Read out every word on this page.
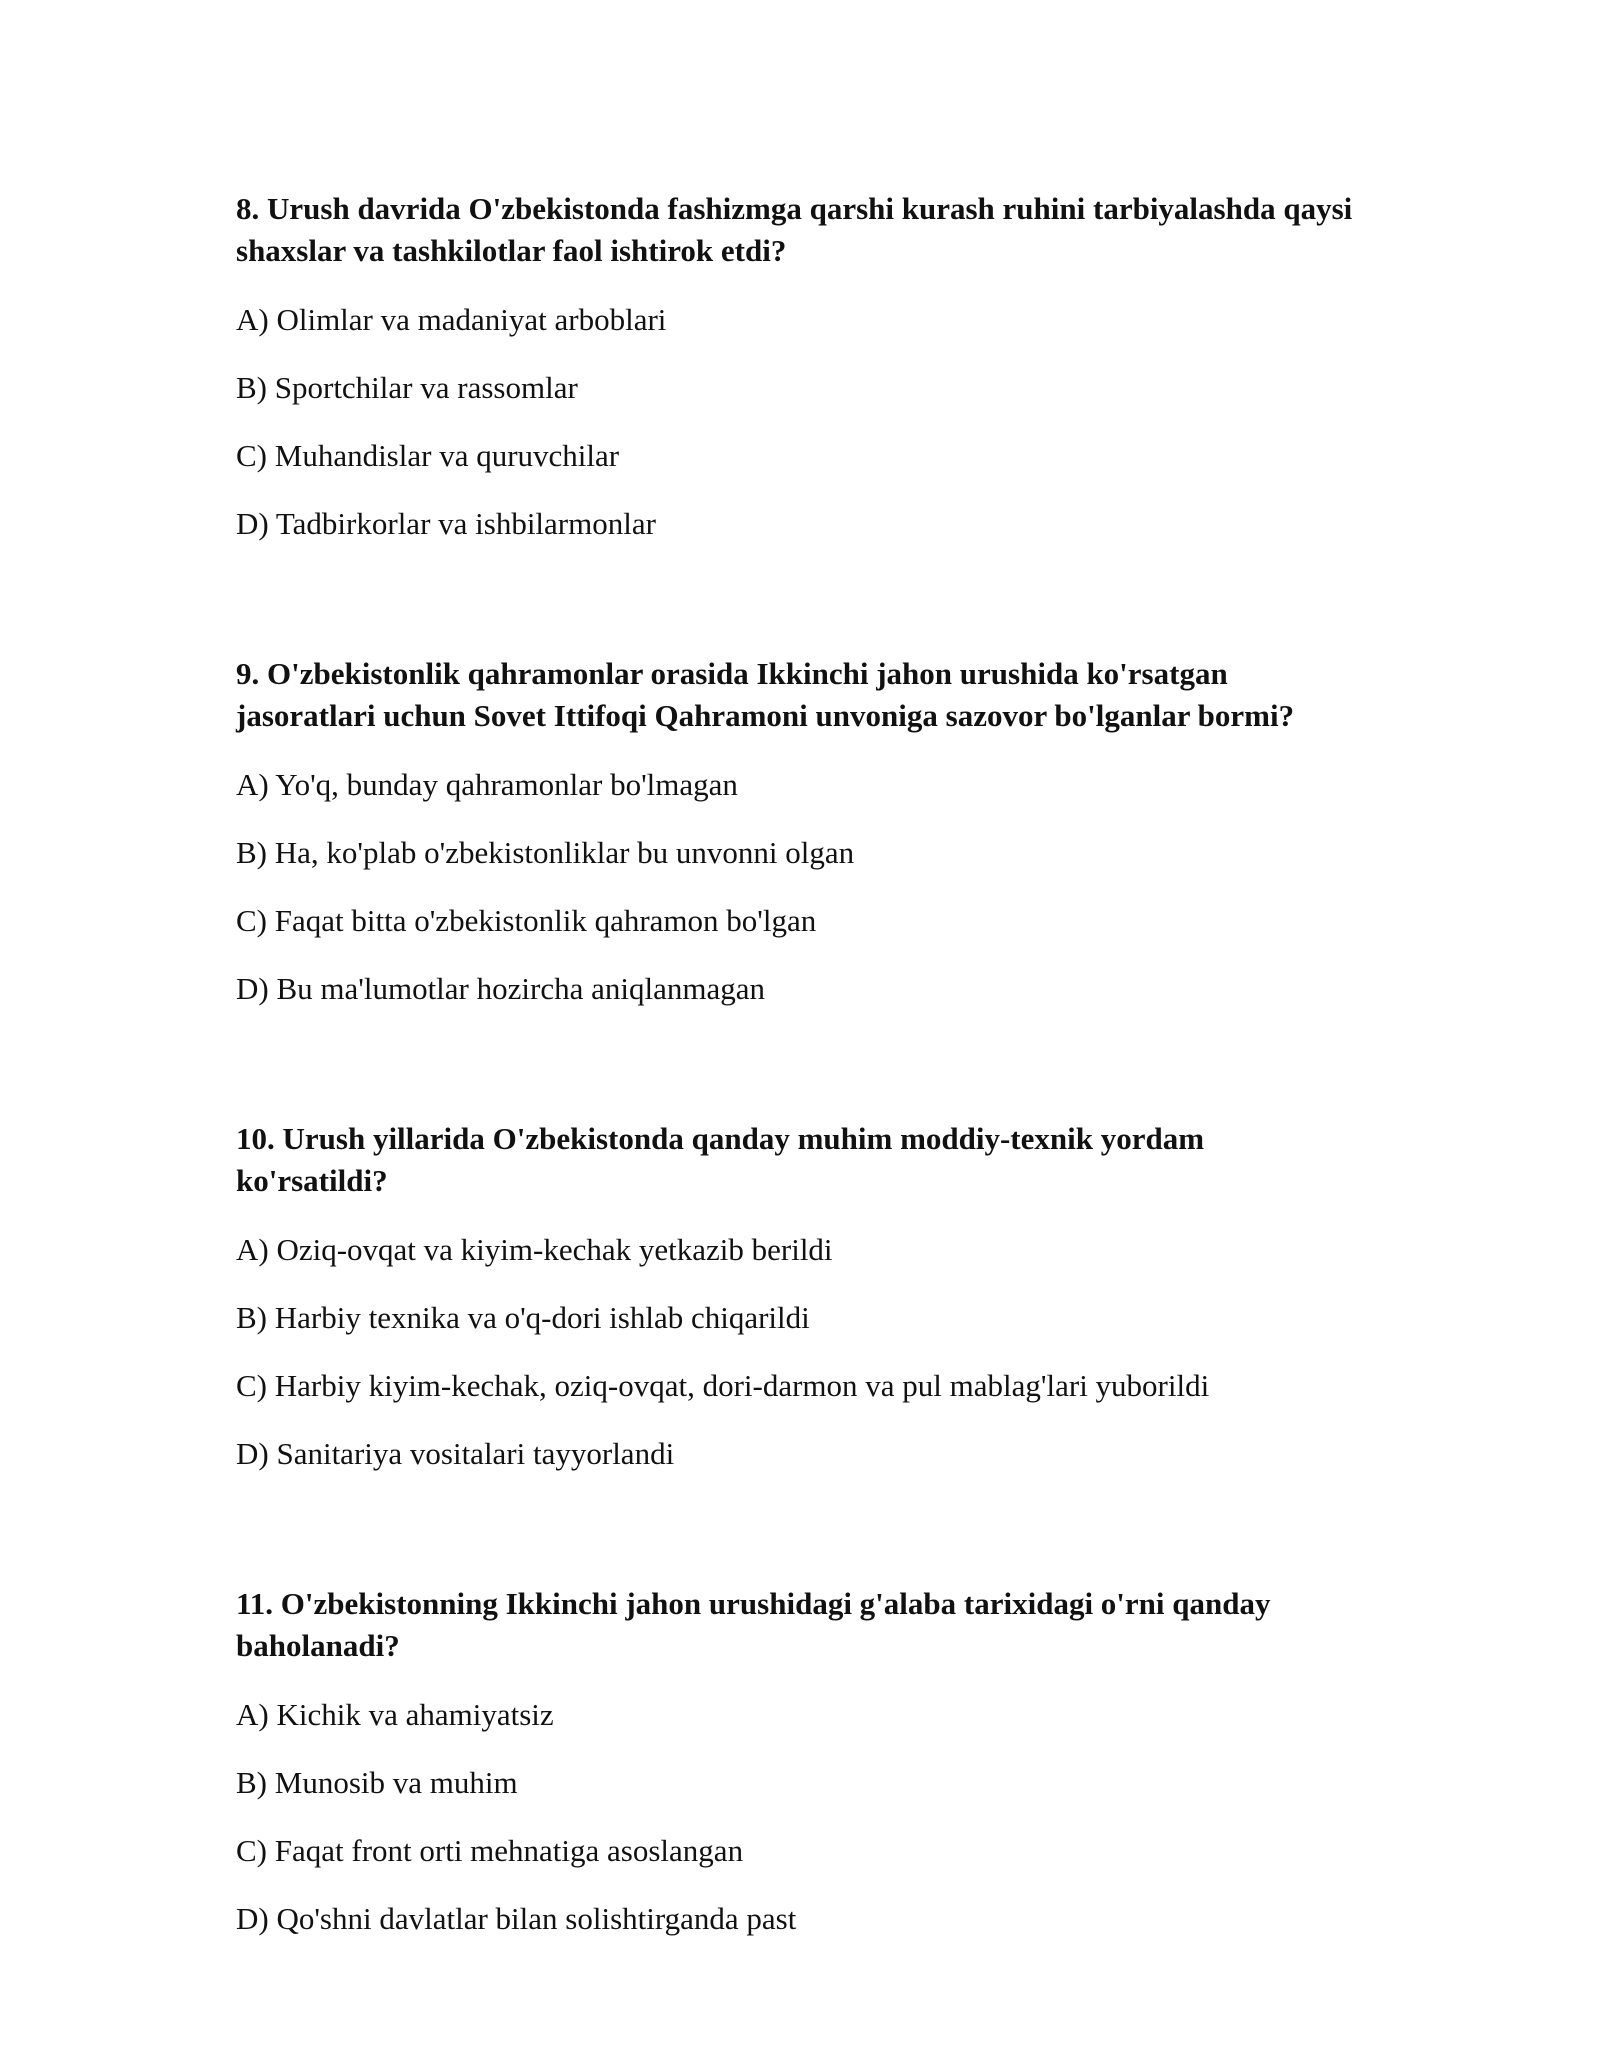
8. Urush davrida O'zbekistonda fashizmga qarshi kurash ruhini tarbiyalashda qaysi shaxslar va tashkilotlar faol ishtirok etdi?

A) Olimlar va madaniyat arboblari
B) Sportchilar va rassomlar
C) Muhandislar va quruvchilar
D) Tadbirkorlar va ishbilarmonlar

9. O'zbekistonlik qahramonlar orasida Ikkinchi jahon urushida ko'rsatgan jasoratlari uchun Sovet Ittifoqi Qahramoni unvoniga sazovor bo'lganlar bormi?

A) Yo'q, bunday qahramonlar bo'lmagan
B) Ha, ko'plab o'zbekistonliklar bu unvonni olgan
C) Faqat bitta o'zbekistonlik qahramon bo'lgan
D) Bu ma'lumotlar hozircha aniqlanmagan

10. Urush yillarida O'zbekistonda qanday muhim moddiy-texnik yordam ko'rsatildi?

A) Oziq-ovqat va kiyim-kechak yetkazib berildi
B) Harbiy texnika va o'q-dori ishlab chiqarildi
C) Harbiy kiyim-kechak, oziq-ovqat, dori-darmon va pul mablag'lari yuborildi
D) Sanitariya vositalari tayyorlandi

11. O'zbekistonning Ikkinchi jahon urushidagi g'alaba tarixidagi o'rni qanday baholanadi?

A) Kichik va ahamiyatsiz
B) Munosib va muhim
C) Faqat front orti mehnatiga asoslangan
D) Qo'shni davlatlar bilan solishtirganda past
